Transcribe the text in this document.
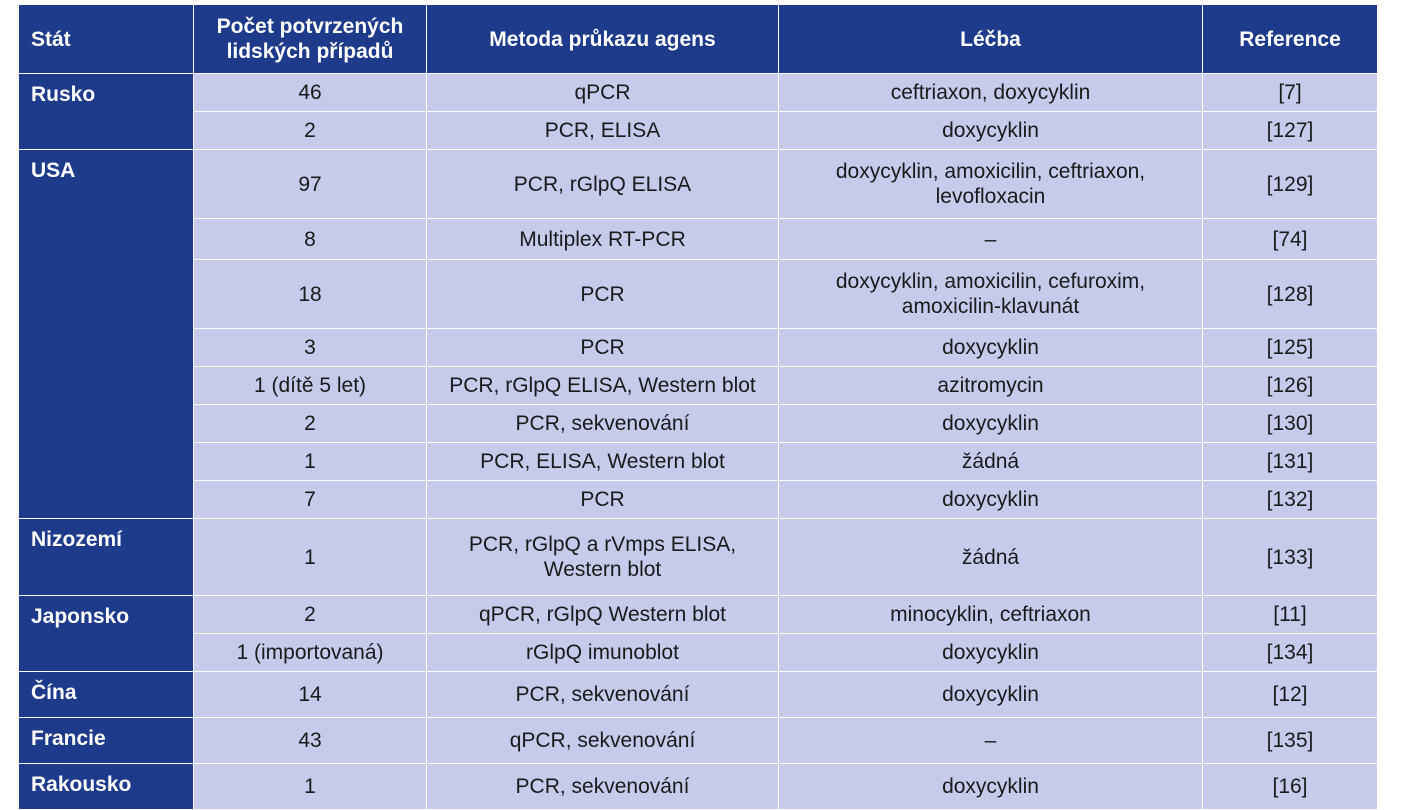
Stát	Počet potvrzených lidských případů	Metoda průkazu agens	Léčba	Reference
Rusko	46	qPCR	ceftriaxon, doxycyklin	[7]
	2	PCR, ELISA	doxycyklin	[127]
USA	97	PCR, rGlpQ ELISA	doxycyklin, amoxicilin, ceftriaxon, levofloxacin	[129]
	8	Multiplex RT-PCR	–	[74]
	18	PCR	doxycyklin, amoxicilin, cefuroxim, amoxicilin-klavunát	[128]
	3	PCR	doxycyklin	[125]
	1 (dítě 5 let)	PCR, rGlpQ ELISA, Western blot	azitromycin	[126]
	2	PCR, sekvenování	doxycyklin	[130]
	1	PCR, ELISA, Western blot	žádná	[131]
	7	PCR	doxycyklin	[132]
Nizozemí	1	PCR, rGlpQ a rVmps ELISA, Western blot	žádná	[133]
Japonsko	2	qPCR, rGlpQ Western blot	minocyklin, ceftriaxon	[11]
	1 (importovaná)	rGlpQ imunoblot	doxycyklin	[134]
Čína	14	PCR, sekvenování	doxycyklin	[12]
Francie	43	qPCR, sekvenování	–	[135]
Rakousko	1	PCR, sekvenování	doxycyklin	[16]
